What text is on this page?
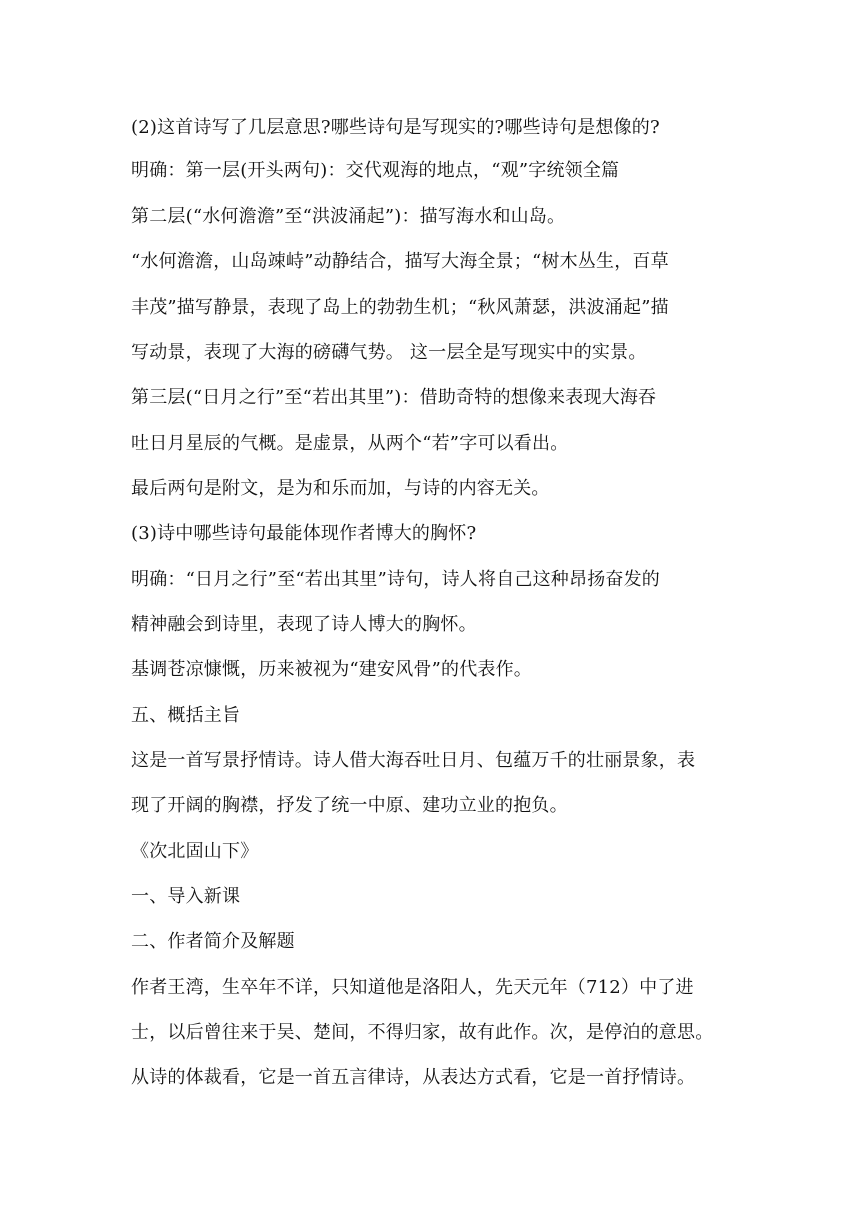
(2)这首诗写了几层意思?哪些诗句是写现实的?哪些诗句是想像的?
明确：第一层(开头两句)：交代观海的地点，“观”字统领全篇
第二层(“水何澹澹”至“洪波涌起”)：描写海水和山岛。
“水何澹澹，山岛竦峙”动静结合，描写大海全景；“树木丛生，百草
丰茂”描写静景，表现了岛上的勃勃生机；“秋风萧瑟，洪波涌起”描
写动景，表现了大海的磅礴气势。 这一层全是写现实中的实景。
第三层(“日月之行”至“若出其里”)：借助奇特的想像来表现大海吞
吐日月星辰的气概。是虚景，从两个“若”字可以看出。
最后两句是附文，是为和乐而加，与诗的内容无关。
(3)诗中哪些诗句最能体现作者博大的胸怀?
明确：“日月之行”至“若出其里”诗句，诗人将自己这种昂扬奋发的
精神融会到诗里，表现了诗人博大的胸怀。
基调苍凉慷慨，历来被视为“建安风骨”的代表作。
五、概括主旨
这是一首写景抒情诗。诗人借大海吞吐日月、包蕴万千的壮丽景象，表
现了开阔的胸襟，抒发了统一中原、建功立业的抱负。
《次北固山下》
一、导入新课
二、作者简介及解题
作者王湾，生卒年不详，只知道他是洛阳人，先天元年（712）中了进
士，以后曾往来于吴、楚间，不得归家，故有此作。次，是停泊的意思。
从诗的体裁看，它是一首五言律诗，从表达方式看，它是一首抒情诗。
